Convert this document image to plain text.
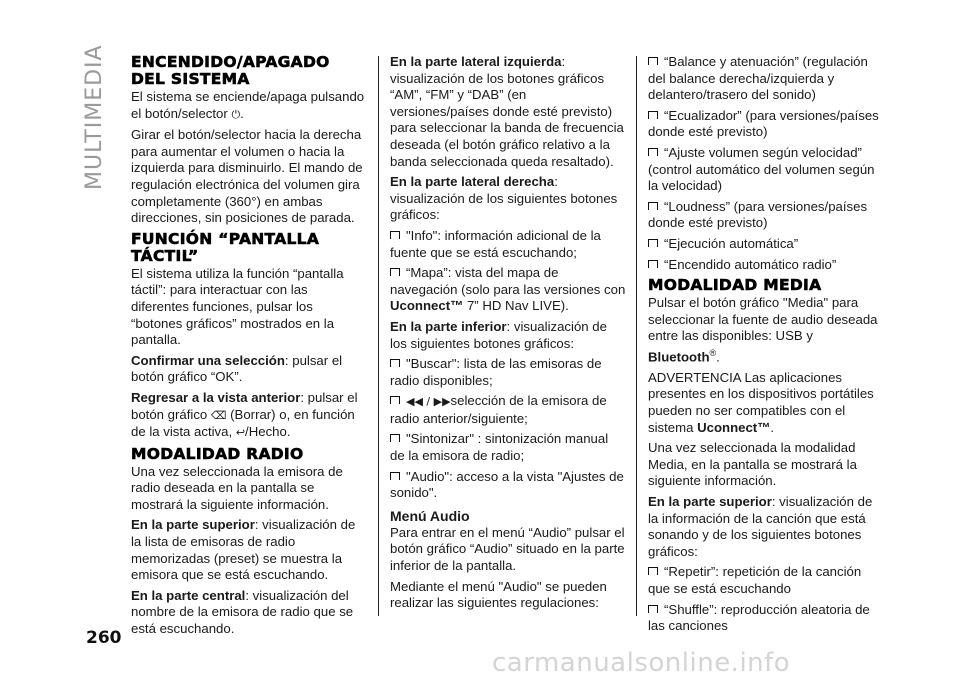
MULTIMEDIA
260
ENCENDIDO/APAGADO DEL SISTEMA

El sistema se enciende/apaga pulsando el botón/selector ⏻.

Girar el botón/selector hacia la derecha para aumentar el volumen o hacia la izquierda para disminuirlo. El mando de regulación electrónica del volumen gira completamente (360°) en ambas direcciones, sin posiciones de parada.

FUNCIÓN “PANTALLA TÁCTIL”

El sistema utiliza la función “pantalla táctil”: para interactuar con las diferentes funciones, pulsar los “botones gráficos” mostrados en la pantalla.

Confirmar una selección: pulsar el botón gráfico “OK”.

Regresar a la vista anterior: pulsar el botón gráfico ⌫ (Borrar) o, en función de la vista activa, ↩/Hecho.

MODALIDAD RADIO

Una vez seleccionada la emisora de radio deseada en la pantalla se mostrará la siguiente información.

En la parte superior: visualización de la lista de emisoras de radio memorizadas (preset) se muestra la emisora que se está escuchando.

En la parte central: visualización del nombre de la emisora de radio que se está escuchando.

En la parte lateral izquierda: visualización de los botones gráficos “AM”, “FM” y “DAB” (en versiones/países donde esté previsto) para seleccionar la banda de frecuencia deseada (el botón gráfico relativo a la banda seleccionada queda resaltado).

En la parte lateral derecha: visualización de los siguientes botones gráficos:

"Info": información adicional de la fuente que se está escuchando;

“Mapa”: vista del mapa de navegación (solo para las versiones con Uconnect™ 7” HD Nav LIVE).

En la parte inferior: visualización de los siguientes botones gráficos:

"Buscar": lista de las emisoras de radio disponibles;

◀◀ / ▶▶selección de la emisora de radio anterior/siguiente;

"Sintonizar" : sintonización manual de la emisora de radio;

"Audio": acceso a la vista "Ajustes de sonido".

Menú Audio

Para entrar en el menú “Audio” pulsar el botón gráfico “Audio” situado en la parte inferior de la pantalla.

Mediante el menú "Audio" se pueden realizar las siguientes regulaciones:

“Balance y atenuación” (regulación del balance derecha/izquierda y delantero/trasero del sonido)

“Ecualizador” (para versiones/países donde esté previsto)

“Ajuste volumen según velocidad” (control automático del volumen según la velocidad)

“Loudness” (para versiones/países donde esté previsto)

“Ejecución automática”

“Encendido automático radio”

MODALIDAD MEDIA

Pulsar el botón gráfico "Media" para seleccionar la fuente de audio deseada entre las disponibles: USB y Bluetooth®.

ADVERTENCIA Las aplicaciones presentes en los dispositivos portátiles pueden no ser compatibles con el sistema Uconnect™.

Una vez seleccionada la modalidad Media, en la pantalla se mostrará la siguiente información.

En la parte superior: visualización de la información de la canción que está sonando y de los siguientes botones gráficos:

“Repetir”: repetición de la canción que se está escuchando

“Shuffle”: reproducción aleatoria de las canciones

carmanualsonline.info
